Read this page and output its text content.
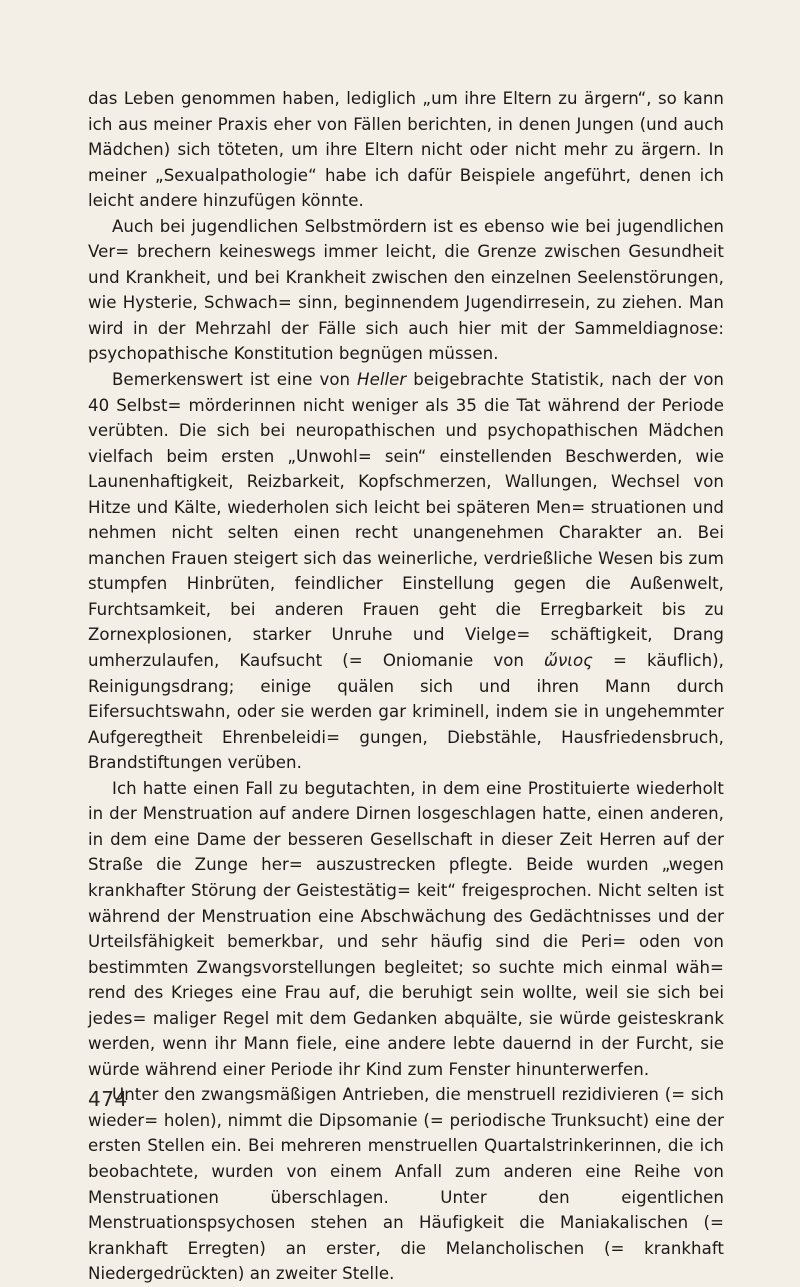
das Leben genommen haben, lediglich „um ihre Eltern zu ärgern“, so kann ich aus meiner Praxis eher von Fällen berichten, in denen Jungen (und auch Mädchen) sich töteten, um ihre Eltern nicht oder nicht mehr zu ärgern. In meiner „Sexualpathologie“ habe ich dafür Beispiele angeführt, denen ich leicht andere hinzufügen könnte.

Auch bei jugendlichen Selbstmördern ist es ebenso wie bei jugendlichen Ver= brechern keineswegs immer leicht, die Grenze zwischen Gesundheit und Krankheit, und bei Krankheit zwischen den einzelnen Seelenstörungen, wie Hysterie, Schwach= sinn, beginnendem Jugendirresein, zu ziehen. Man wird in der Mehrzahl der Fälle sich auch hier mit der Sammeldiagnose: psychopathische Konstitution begnügen müssen.

Bemerkenswert ist eine von Heller beigebrachte Statistik, nach der von 40 Selbst= mörderinnen nicht weniger als 35 die Tat während der Periode verübten. Die sich bei neuropathischen und psychopathischen Mädchen vielfach beim ersten „Unwohl= sein“ einstellenden Beschwerden, wie Launenhaftigkeit, Reizbarkeit, Kopfschmerzen, Wallungen, Wechsel von Hitze und Kälte, wiederholen sich leicht bei späteren Men= struationen und nehmen nicht selten einen recht unangenehmen Charakter an. Bei manchen Frauen steigert sich das weinerliche, verdrießliche Wesen bis zum stumpfen Hinbrüten, feindlicher Einstellung gegen die Außenwelt, Furchtsamkeit, bei anderen Frauen geht die Erregbarkeit bis zu Zornexplosionen, starker Unruhe und Vielge= schäftigkeit, Drang umherzulaufen, Kaufsucht (= Oniomanie von ὤνιος = käuflich), Reinigungsdrang; einige quälen sich und ihren Mann durch Eifersuchtswahn, oder sie werden gar kriminell, indem sie in ungehemmter Aufgeregtheit Ehrenbeleidi= gungen, Diebstähle, Hausfriedensbruch, Brandstiftungen verüben.

Ich hatte einen Fall zu begutachten, in dem eine Prostituierte wiederholt in der Menstruation auf andere Dirnen losgeschlagen hatte, einen anderen, in dem eine Dame der besseren Gesellschaft in dieser Zeit Herren auf der Straße die Zunge her= auszustrecken pflegte. Beide wurden „wegen krankhafter Störung der Geistestätig= keit“ freigesprochen. Nicht selten ist während der Menstruation eine Abschwächung des Gedächtnisses und der Urteilsfähigkeit bemerkbar, und sehr häufig sind die Peri= oden von bestimmten Zwangsvorstellungen begleitet; so suchte mich einmal wäh= rend des Krieges eine Frau auf, die beruhigt sein wollte, weil sie sich bei jedes= maliger Regel mit dem Gedanken abquälte, sie würde geisteskrank werden, wenn ihr Mann fiele, eine andere lebte dauernd in der Furcht, sie würde während einer Periode ihr Kind zum Fenster hinunterwerfen.

Unter den zwangsmäßigen Antrieben, die menstruell rezidivieren (= sich wieder= holen), nimmt die Dipsomanie (= periodische Trunksucht) eine der ersten Stellen ein. Bei mehreren menstruellen Quartalstrinkerinnen, die ich beobachtete, wurden von einem Anfall zum anderen eine Reihe von Menstruationen überschlagen. Unter den eigentlichen Menstruationspsychosen stehen an Häufigkeit die Maniakalischen (= krankhaft Erregten) an erster, die Melancholischen (= krankhaft Niedergedrückten) an zweiter Stelle.

474
